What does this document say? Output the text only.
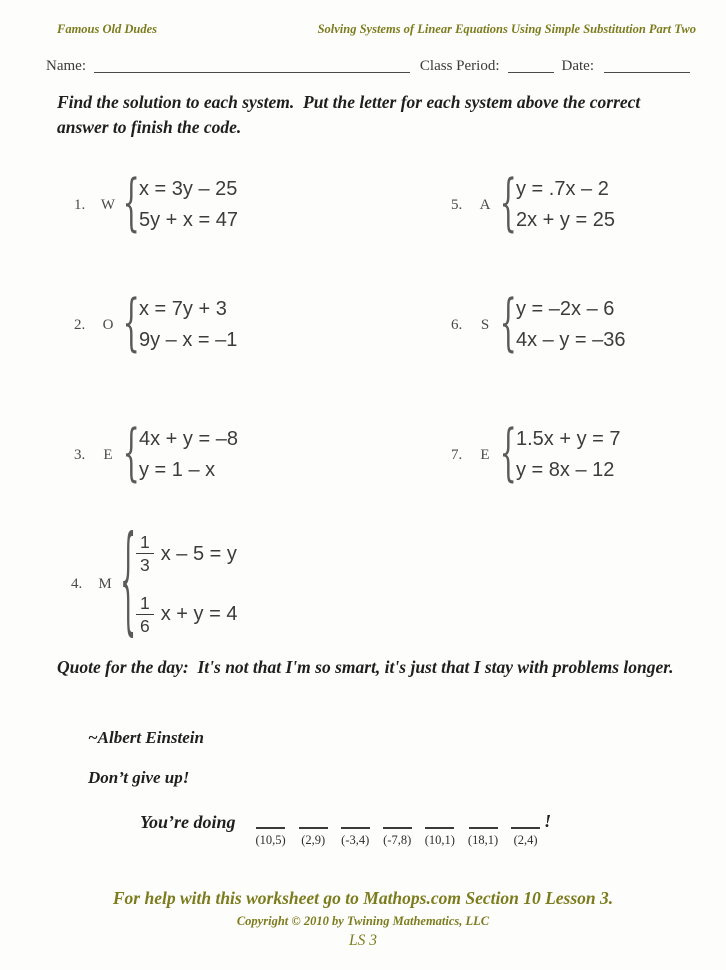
Famous Old Dudes	Solving Systems of Linear Equations Using Simple Substitution Part Two
Name:	Class Period:	Date:
Find the solution to each system.  Put the letter for each system above the correct answer to finish the code.
1.	W { x = 3y – 25
5y + x = 47
2.	O { x = 7y + 3
9y – x = –1
3.	E { 4x + y = –8
y = 1 – x
4.	M { $\frac{1}{3}$ x – 5 = y
$\frac{1}{6}$ x + y = 4
5.	A { y = .7x – 2
2x + y = 25
6.	S { y = –2x – 6
4x – y = –36
7.	E { 1.5x + y = 7
y = 8x – 12
Quote for the day:  It's not that I'm so smart, it's just that I stay with problems longer.
~Albert Einstein
Don’t give up!
You’re doing
(10,5) (2,9) (-3,4) (-7,8) (10,1) (18,1) (2,4)
!
For help with this worksheet go to Mathops.com Section 10 Lesson 3.
Copyright © 2010 by Twining Mathematics, LLC
LS 3
